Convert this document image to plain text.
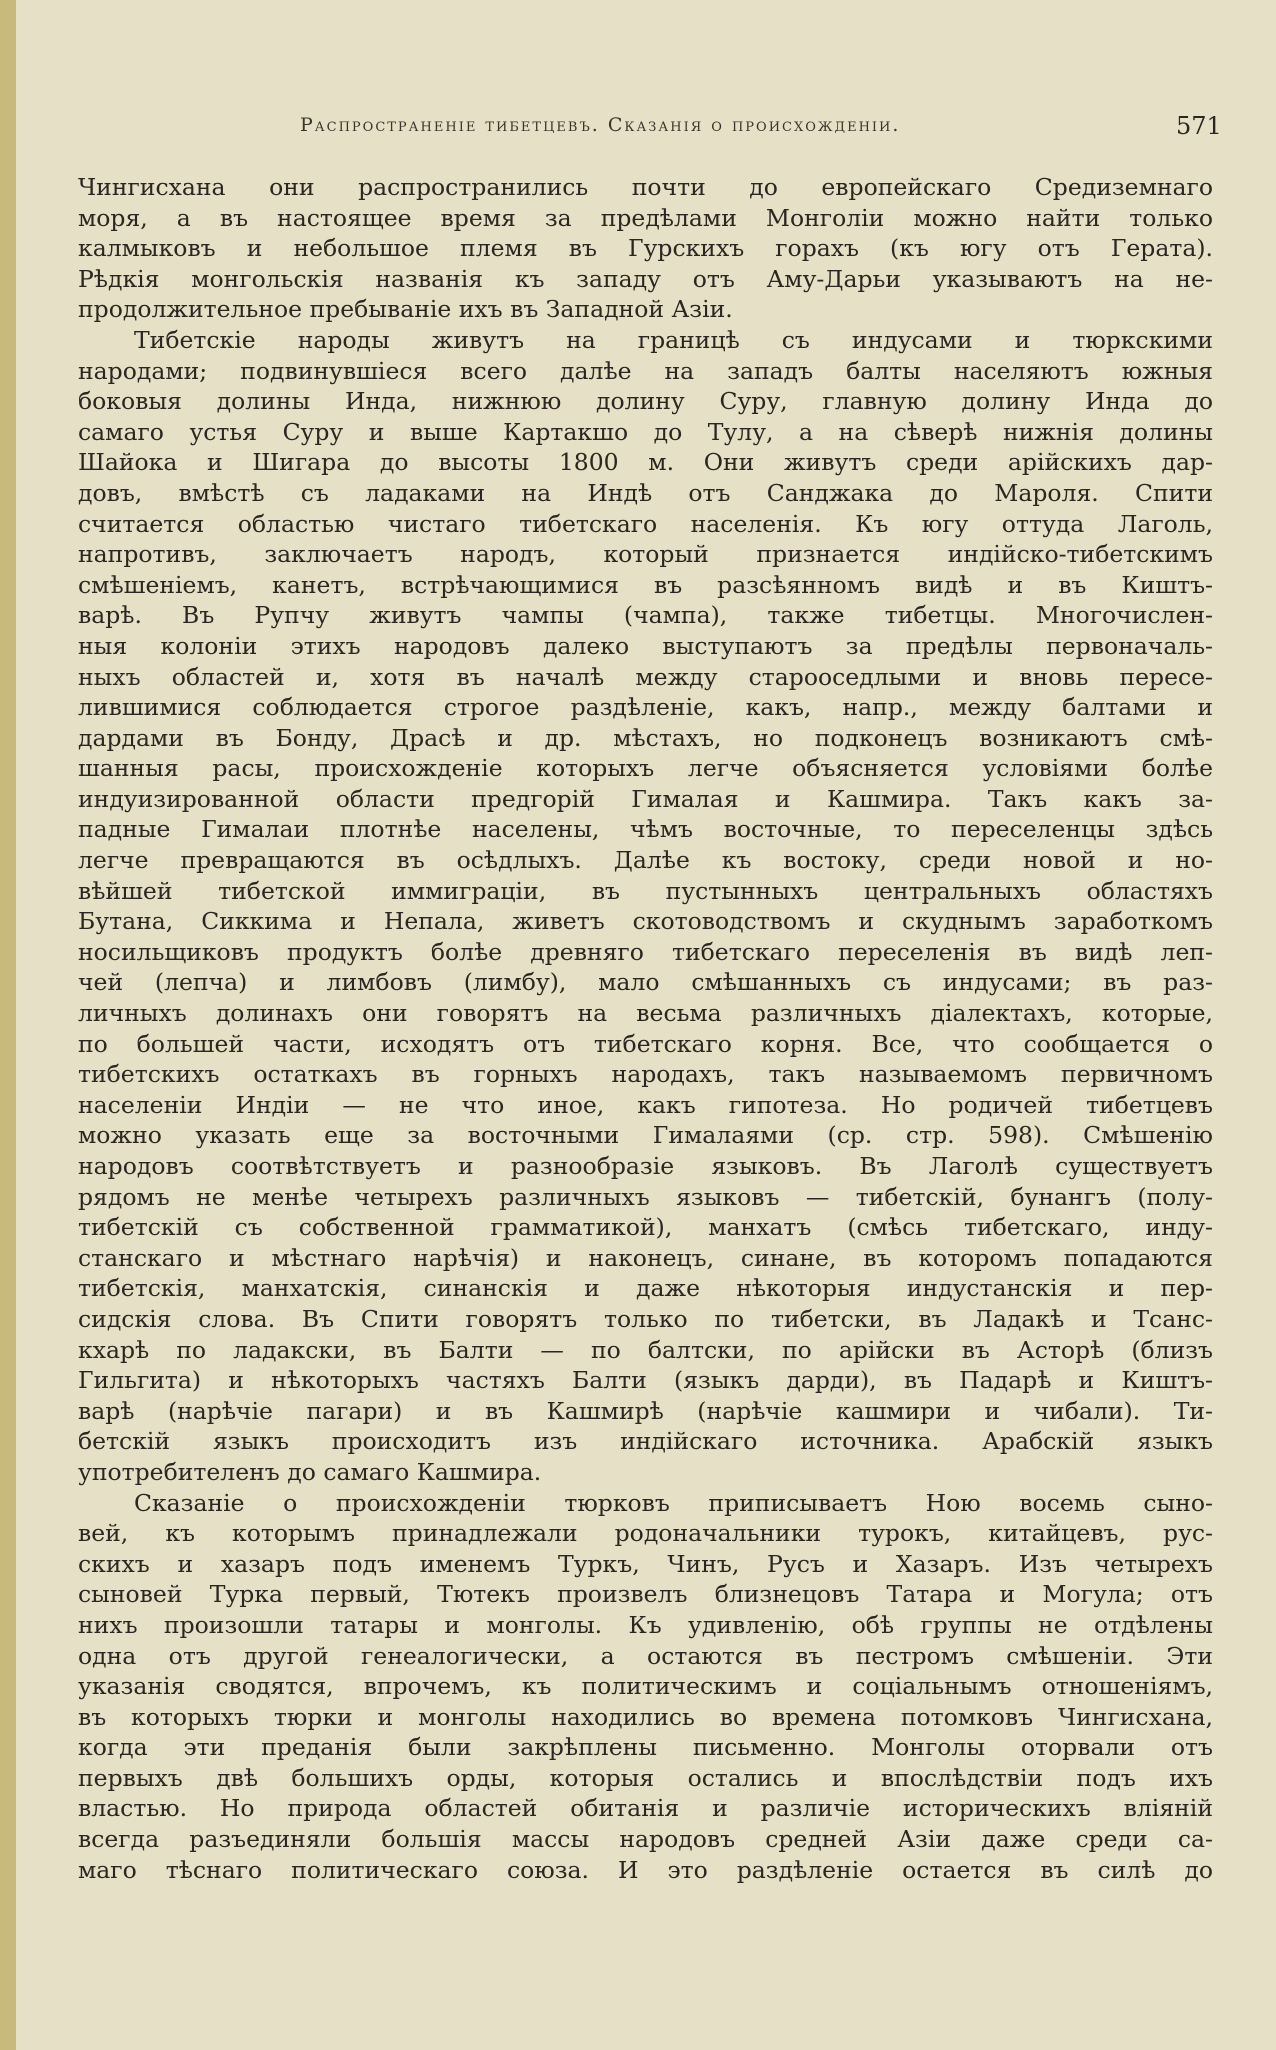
Распространенiе тибетцевъ. Сказанiя о происхожденiи.	571
Чингисхана они распространились почти до европейскаго Средиземнаго
моря, а въ настоящее время за предѣлами Монголiи можно найти только
калмыковъ и небольшое племя въ Гурскихъ горахъ (къ югу отъ Герата).
Рѣдкiя монгольскiя названiя къ западу отъ Аму-Дарьи указываютъ на не-
продолжительное пребыванiе ихъ въ Западной Азiи.
Тибетскiе народы живутъ на границѣ съ индусами и тюркскими
народами; подвинувшiеся всего далѣе на западъ балты населяютъ южныя
боковыя долины Инда, нижнюю долину Суру, главную долину Инда до
самаго устья Суру и выше Картакшо до Тулу, а на сѣверѣ нижнiя долины
Шайока и Шигара до высоты 1800 м. Они живутъ среди арiйскихъ дар-
довъ, вмѣстѣ съ ладаками на Индѣ отъ Санджака до Мароля. Спити
считается областью чистаго тибетскаго населенiя. Къ югу оттуда Лаголь,
напротивъ, заключаетъ народъ, который признается индiйско-тибетскимъ
смѣшенiемъ, канетъ, встрѣчающимися въ разсѣянномъ видѣ и въ Киштъ-
варѣ. Въ Рупчу живутъ чампы (чампа), также тибетцы. Многочислен-
ныя колонiи этихъ народовъ далеко выступаютъ за предѣлы первоначаль-
ныхъ областей и, хотя въ началѣ между старооседлыми и вновь пересе-
лившимися соблюдается строгое раздѣленiе, какъ, напр., между балтами и
дардами въ Бонду, Драсѣ и др. мѣстахъ, но подконецъ возникаютъ смѣ-
шанныя расы, происхожденiе которыхъ легче объясняется условiями болѣе
индуизированной области предгорiй Гималая и Кашмира. Такъ какъ за-
падные Гималаи плотнѣе населены, чѣмъ восточные, то переселенцы здѣсь
легче превращаются въ осѣдлыхъ. Далѣе къ востоку, среди новой и но-
вѣйшей тибетской иммиграцiи, въ пустынныхъ центральныхъ областяхъ
Бутана, Сиккима и Непала, живетъ скотоводствомъ и скуднымъ заработкомъ
носильщиковъ продуктъ болѣе древняго тибетскаго переселенiя въ видѣ леп-
чей (лепча) и лимбовъ (лимбу), мало смѣшанныхъ съ индусами; въ раз-
личныхъ долинахъ они говорятъ на весьма различныхъ дiалектахъ, которые,
по большей части, исходятъ отъ тибетскаго корня. Все, что сообщается о
тибетскихъ остаткахъ въ горныхъ народахъ, такъ называемомъ первичномъ
населенiи Индiи — не что иное, какъ гипотеза. Но родичей тибетцевъ
можно указать еще за восточными Гималаями (ср. стр. 598). Смѣшенiю
народовъ соотвѣтствуетъ и разнообразiе языковъ. Въ Лаголѣ существуетъ
рядомъ не менѣе четырехъ различныхъ языковъ — тибетскiй, бунангъ (полу-
тибетскiй съ собственной грамматикой), манхатъ (смѣсь тибетскаго, инду-
станскаго и мѣстнаго нарѣчiя) и наконецъ, синане, въ которомъ попадаются
тибетскiя, манхатскiя, синанскiя и даже нѣкоторыя индустанскiя и пер-
сидскiя слова. Въ Спити говорятъ только по тибетски, въ Ладакѣ и Тсанс-
кхарѣ по ладакски, въ Балти — по балтски, по арiйски въ Асторѣ (близъ
Гильгита) и нѣкоторыхъ частяхъ Балти (языкъ дарди), въ Падарѣ и Киштъ-
варѣ (нарѣчiе пагари) и въ Кашмирѣ (нарѣчiе кашмири и чибали). Ти-
бетскiй языкъ происходитъ изъ индiйскаго источника. Арабскiй языкъ
употребителенъ до самаго Кашмира.
Сказанiе о происхожденiи тюрковъ приписываетъ Ною восемь сыно-
вей, къ которымъ принадлежали родоначальники турокъ, китайцевъ, рус-
скихъ и хазаръ подъ именемъ Туркъ, Чинъ, Русъ и Хазаръ. Изъ четырехъ
сыновей Турка первый, Тютекъ произвелъ близнецовъ Татара и Могула; отъ
нихъ произошли татары и монголы. Къ удивленiю, обѣ группы не отдѣлены
одна отъ другой генеалогически, а остаются въ пестромъ смѣшенiи. Эти
указанiя сводятся, впрочемъ, къ политическимъ и соцiальнымъ отношенiямъ,
въ которыхъ тюрки и монголы находились во времена потомковъ Чингисхана,
когда эти преданiя были закрѣплены письменно. Монголы оторвали отъ
первыхъ двѣ большихъ орды, которыя остались и впослѣдствiи подъ ихъ
властью. Но природа областей обитанiя и различiе историческихъ влiянiй
всегда разъединяли большiя массы народовъ средней Азiи даже среди са-
маго тѣснаго политическаго союза. И это раздѣленiе остается въ силѣ до
